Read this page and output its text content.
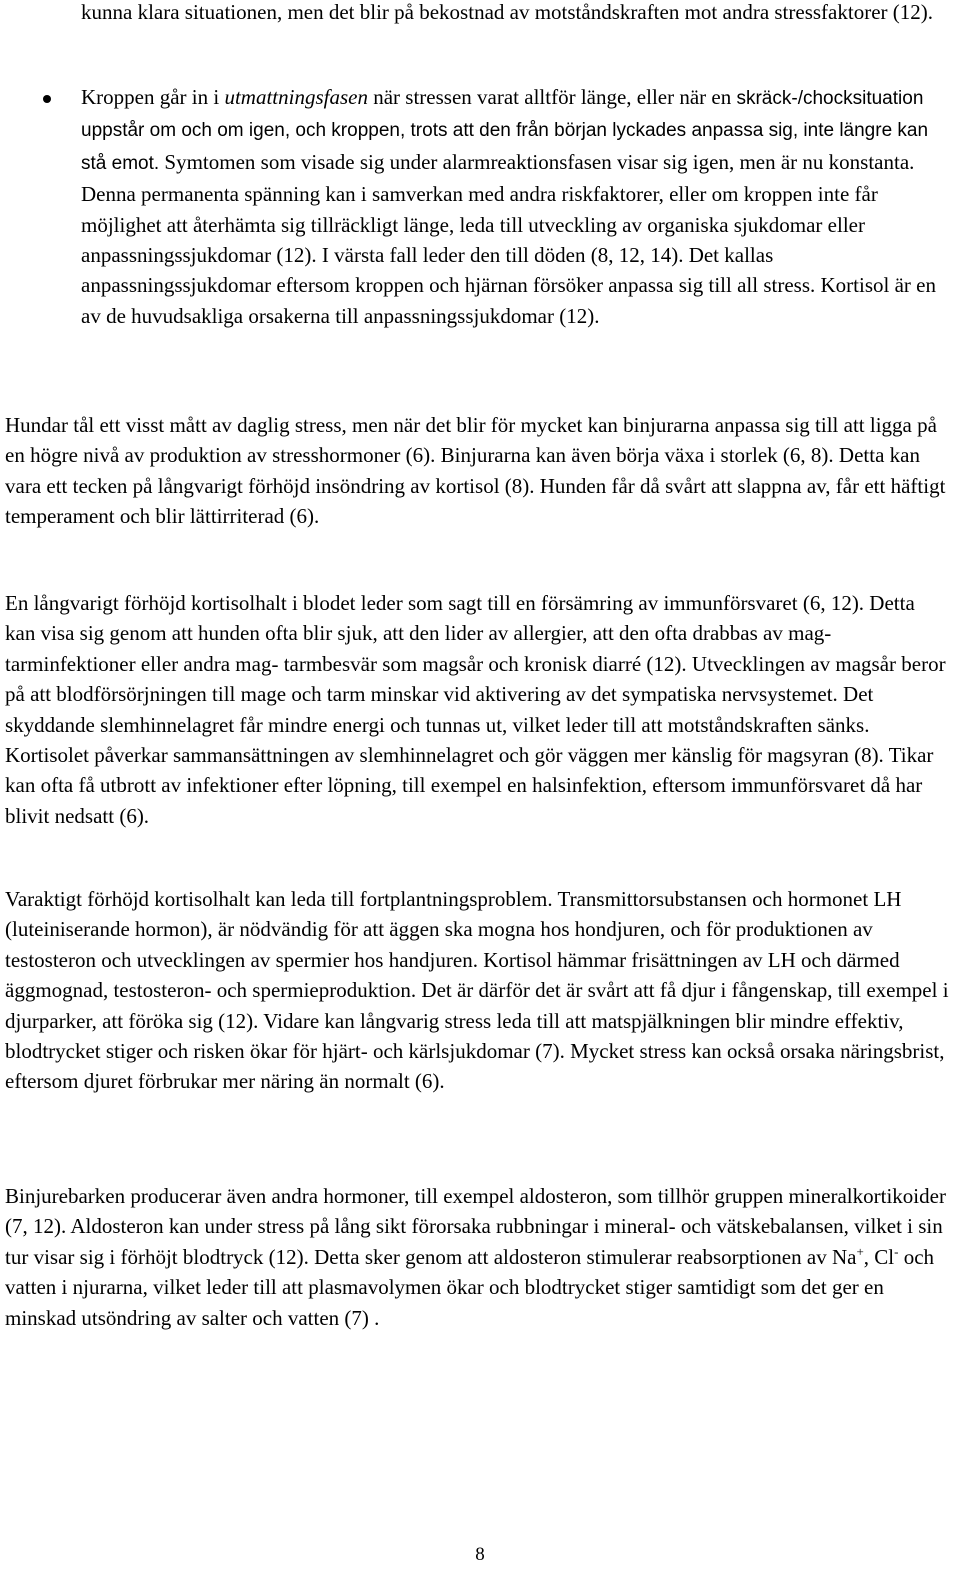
kunna klara situationen, men det blir på bekostnad av motståndskraften mot andra stressfaktorer (12).

Kroppen går in i utmattningsfasen när stressen varat alltför länge, eller när en skräck-/chocksituation uppstår om och om igen, och kroppen, trots att den från början lyckades anpassa sig, inte längre kan stå emot. Symtomen som visade sig under alarmreaktionsfasen visar sig igen, men är nu konstanta. Denna permanenta spänning kan i samverkan med andra riskfaktorer, eller om kroppen inte får möjlighet att återhämta sig tillräckligt länge, leda till utveckling av organiska sjukdomar eller anpassningssjukdomar (12). I värsta fall leder den till döden (8, 12, 14). Det kallas anpassningssjukdomar eftersom kroppen och hjärnan försöker anpassa sig till all stress. Kortisol är en av de huvudsakliga orsakerna till anpassningssjukdomar (12).

Hundar tål ett visst mått av daglig stress, men när det blir för mycket kan binjurarna anpassa sig till att ligga på en högre nivå av produktion av stresshormoner (6). Binjurarna kan även börja växa i storlek (6, 8). Detta kan vara ett tecken på långvarigt förhöjd insöndring av kortisol (8). Hunden får då svårt att slappna av, får ett häftigt temperament och blir lättirriterad (6).

En långvarigt förhöjd kortisolhalt i blodet leder som sagt till en försämring av immunförsvaret (6, 12). Detta kan visa sig genom att hunden ofta blir sjuk, att den lider av allergier, att den ofta drabbas av mag-tarminfektioner eller andra mag- tarmbesvär som magsår och kronisk diarré (12). Utvecklingen av magsår beror på att blodförsörjningen till mage och tarm minskar vid aktivering av det sympatiska nervsystemet. Det skyddande slemhinnelagret får mindre energi och tunnas ut, vilket leder till att motståndskraften sänks. Kortisolet påverkar sammansättningen av slemhinnelagret och gör väggen mer känslig för magsyran (8). Tikar kan ofta få utbrott av infektioner efter löpning, till exempel en halsinfektion, eftersom immunförsvaret då har blivit nedsatt (6).

Varaktigt förhöjd kortisolhalt kan leda till fortplantningsproblem. Transmittorsubstansen och hormonet LH (luteiniserande hormon), är nödvändig för att äggen ska mogna hos hondjuren, och för produktionen av testosteron och utvecklingen av spermier hos handjuren. Kortisol hämmar frisättningen av LH och därmed äggmognad, testosteron- och spermieproduktion. Det är därför det är svårt att få djur i fångenskap, till exempel i djurparker, att föröka sig (12). Vidare kan långvarig stress leda till att matspjälkningen blir mindre effektiv, blodtrycket stiger och risken ökar för hjärt- och kärlsjukdomar (7). Mycket stress kan också orsaka näringsbrist, eftersom djuret förbrukar mer näring än normalt (6).

Binjurebarken producerar även andra hormoner, till exempel aldosteron, som tillhör gruppen mineralkortikoider (7, 12). Aldosteron kan under stress på lång sikt förorsaka rubbningar i mineral- och vätskebalansen, vilket i sin tur visar sig i förhöjt blodtryck (12). Detta sker genom att aldosteron stimulerar reabsorptionen av Na+, Cl- och vatten i njurarna, vilket leder till att plasmavolymen ökar och blodtrycket stiger samtidigt som det ger en minskad utsöndring av salter och vatten (7) .

8
